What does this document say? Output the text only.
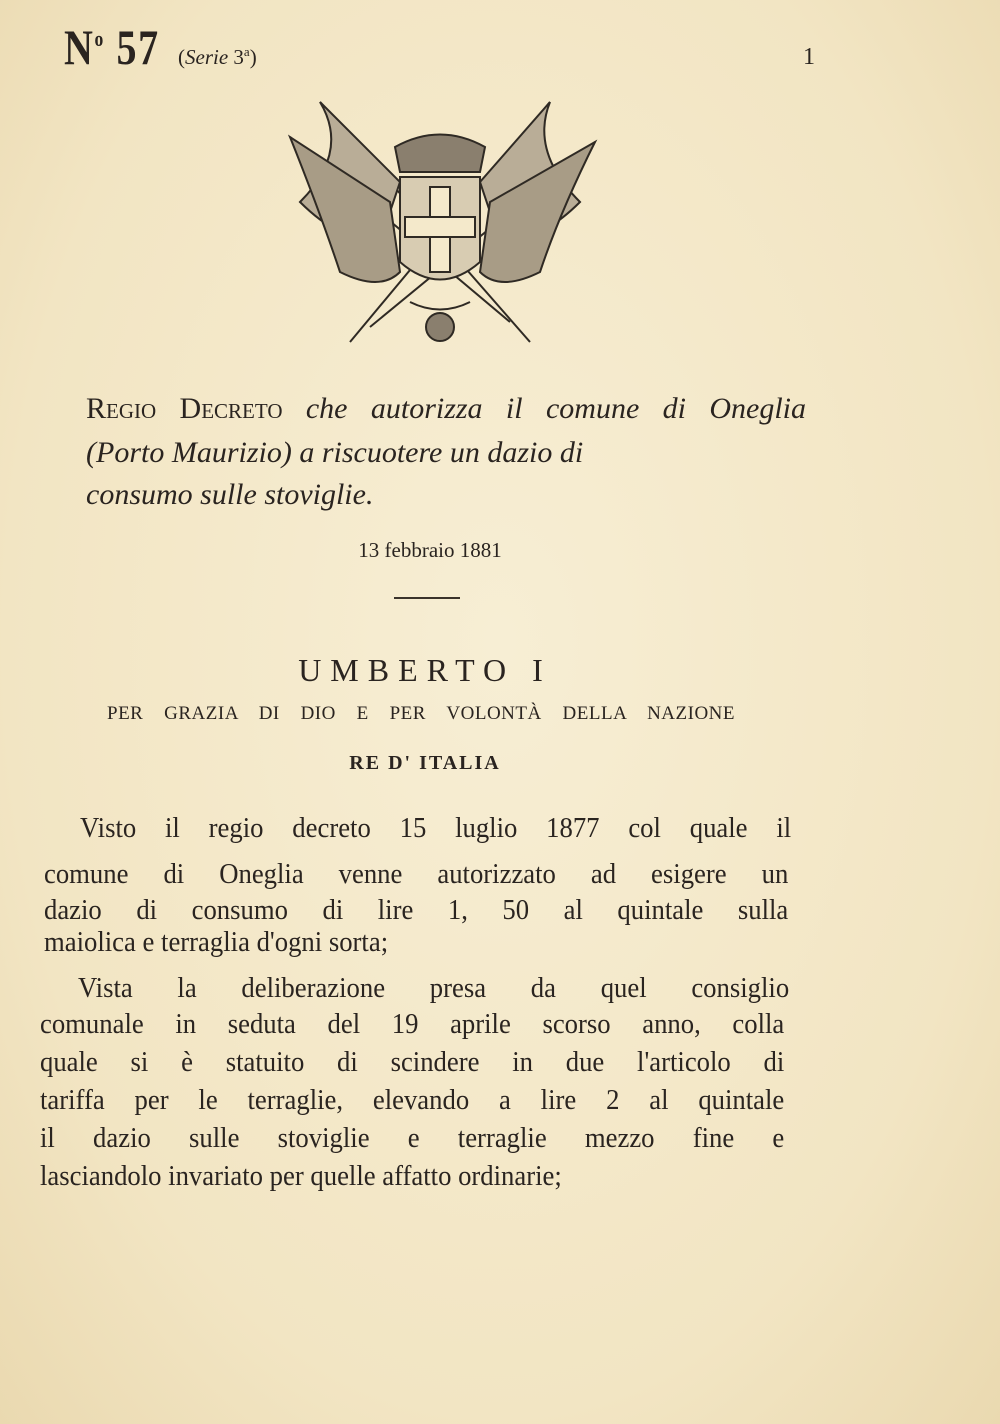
$N^o$ 57 (Serie 3$^a$)	1
Regio Decreto che autorizza il comune di Oneglia
(Porto Maurizio) a riscuotere un dazio di
consumo sulle stoviglie.
13 febbraio 1881
UMBERTO I
PER GRAZIA DI DIO E PER VOLONTÀ DELLA NAZIONE
RE D' ITALIA
Visto il regio decreto 15 luglio 1877 col quale il
comune di Oneglia venne autorizzato ad esigere un
dazio di consumo di lire 1, 50 al quintale sulla
maiolica e terraglia d'ogni sorta;
Vista la deliberazione presa da quel consiglio
comunale in seduta del 19 aprile scorso anno, colla
quale si è statuito di scindere in due l'articolo di
tariffa per le terraglie, elevando a lire 2 al quintale
il dazio sulle stoviglie e terraglie mezzo fine e
lasciandolo invariato per quelle affatto ordinarie;
